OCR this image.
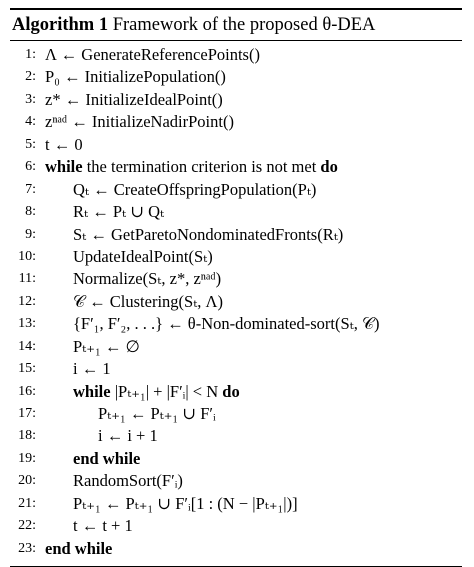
Algorithm 1 Framework of the proposed θ-DEA
1: Λ ← GenerateReferencePoints()
2: P₀ ← InitializePopulation()
3: z* ← InitializeIdealPoint()
4: zⁿᵃᵈ ← InitializeNadirPoint()
5: t ← 0
6: while the termination criterion is not met do
7: Qₜ ← CreateOffspringPopulation(Pₜ)
8: Rₜ ← Pₜ ∪ Qₜ
9: Sₜ ← GetParetoNondominatedFronts(Rₜ)
10: UpdateIdealPoint(Sₜ)
11: Normalize(Sₜ, z*, zⁿᵃᵈ)
12: 𝒞 ← Clustering(Sₜ, Λ)
13: {F′₁, F′₂, . . .} ← θ-Non-dominated-sort(Sₜ, 𝒞)
14: Pₜ₊₁ ← ∅
15: i ← 1
16: while |Pₜ₊₁| + |F′ᵢ| < N do
17:	Pₜ₊₁ ← Pₜ₊₁ ∪ F′ᵢ
18:	i ← i + 1
19: end while
20: RandomSort(F′ᵢ)
21: Pₜ₊₁ ← Pₜ₊₁ ∪ F′ᵢ[1 : (N − |Pₜ₊₁|)]
22: t ← t + 1
23: end while
